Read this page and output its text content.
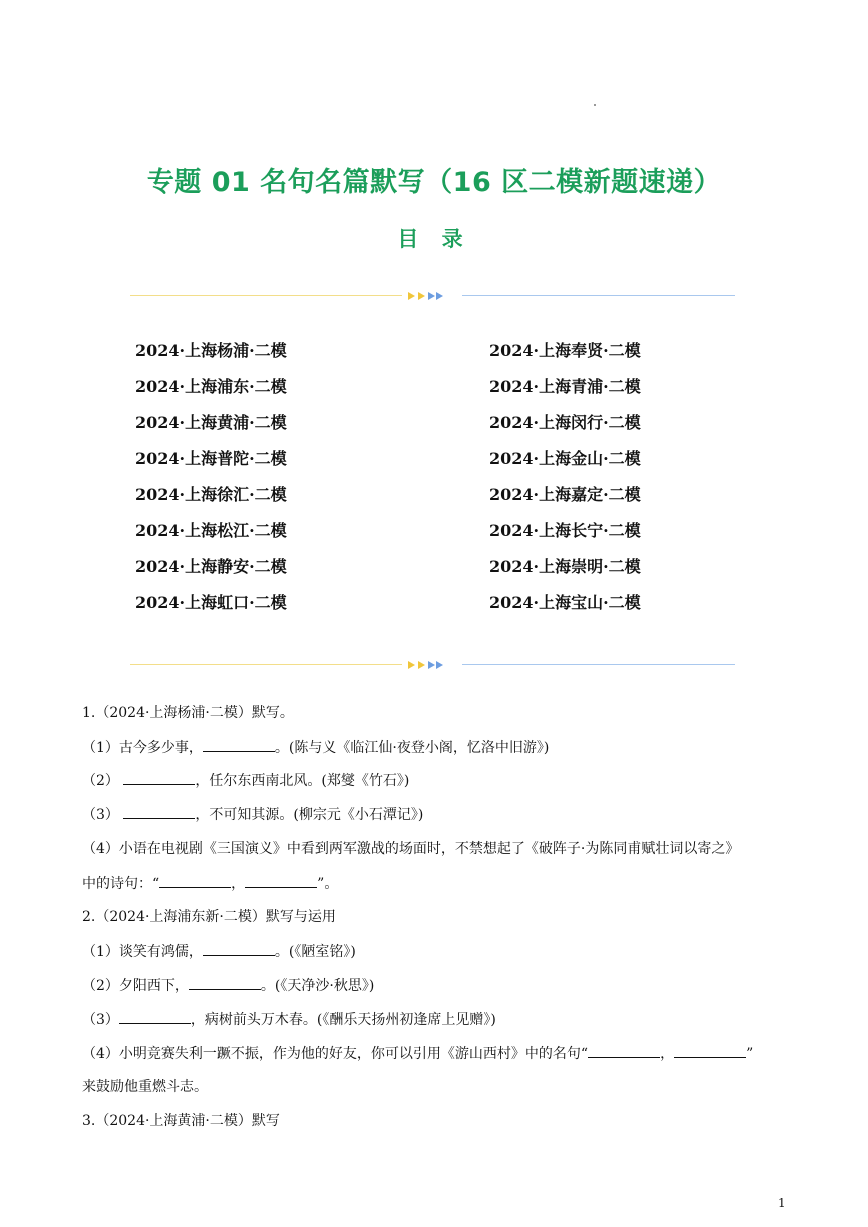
专题 01 名句名篇默写（16 区二模新题速递）
目 录
2024·上海杨浦·二模
2024·上海浦东·二模
2024·上海黄浦·二模
2024·上海普陀·二模
2024·上海徐汇·二模
2024·上海松江·二模
2024·上海静安·二模
2024·上海虹口·二模
2024·上海奉贤·二模
2024·上海青浦·二模
2024·上海闵行·二模
2024·上海金山·二模
2024·上海嘉定·二模
2024·上海长宁·二模
2024·上海崇明·二模
2024·上海宝山·二模
1.（2024·上海杨浦·二模）默写。
（1）古今多少事，	。(陈与义《临江仙·夜登小阁，忆洛中旧游》)
（2）	，任尔东西南北风。(郑燮《竹石》)
（3）	，不可知其源。(柳宗元《小石潭记》)
（4）小语在电视剧《三国演义》中看到两军激战的场面时，不禁想起了《破阵子·为陈同甫赋壮词以寄之》
中的诗句：“	，	”。
2.（2024·上海浦东新·二模）默写与运用
（1）谈笑有鸿儒，	。(《陋室铭》)
（2）夕阳西下，	。(《天净沙·秋思》)
（3）	，病树前头万木春。(《酬乐天扬州初逢席上见赠》)
（4）小明竞赛失利一蹶不振，作为他的好友，你可以引用《游山西村》中的名句“	，	”
来鼓励他重燃斗志。
3.（2024·上海黄浦·二模）默写
1
